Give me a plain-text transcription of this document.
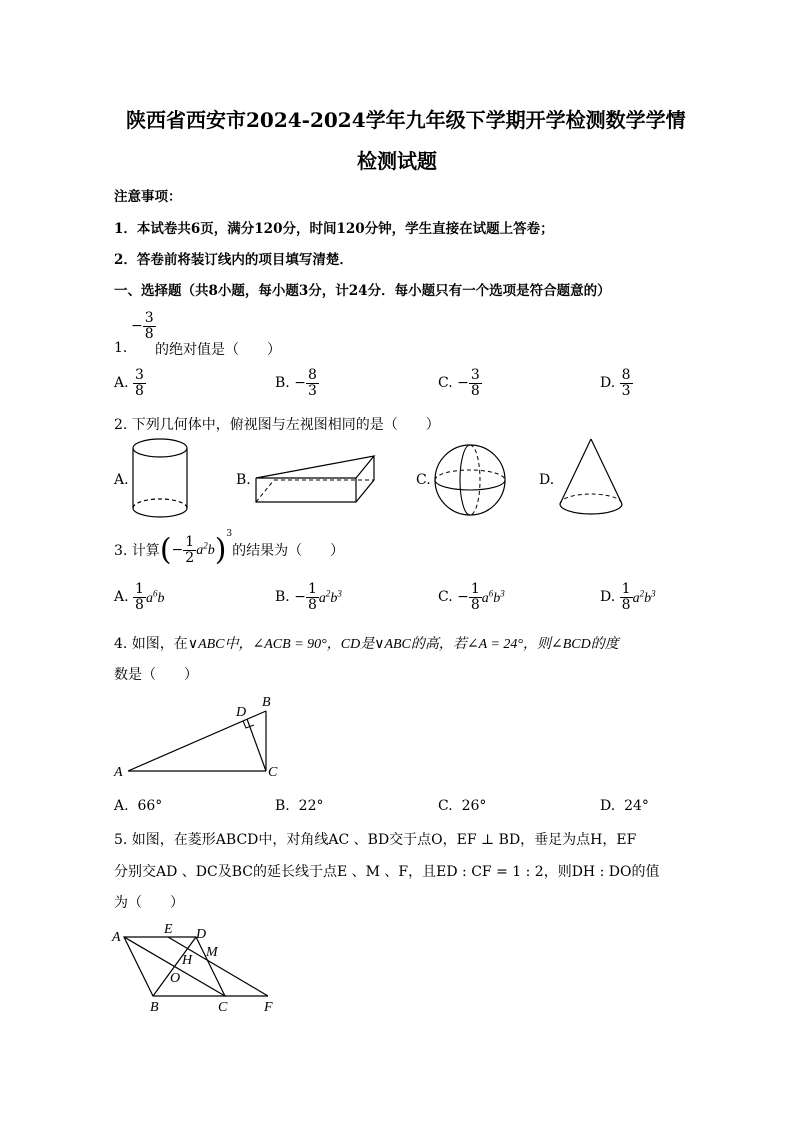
陕西省西安市2024-2024学年九年级下学期开学检测数学学情
检测试题
注意事项：
1．本试卷共6页，满分120分，时间120分钟，学生直接在试题上答卷；
2．答卷前将装订线内的项目填写清楚．
一、选择题（共8小题，每小题3分，计24分．每小题只有一个选项是符合题意的）
1.
− $\frac{3}{8}$
的绝对值是（　　）
A. $\frac{3}{8}$	B. − $\frac{8}{3}$	C. − $\frac{3}{8}$	D. $\frac{8}{3}$
2. 下列几何体中，俯视图与左视图相同的是（　　）
A.	B.	C.	D.
3. 计算(− $\frac{1}{2} a^2b)^3$的结果为（　　）
A. $\frac{1}{8} a^6b$	B. − $\frac{1}{8} a^2b^3$	C. − $\frac{1}{8} a^6b^3$	D. $\frac{1}{8} a^2b^3$
4. 如图，在∨ABC中，∠ACB = 90°，CD是∨ABC的高，若∠A = 24°，则∠BCD的度
数是（　　）
A
D
B
C
A. 66°	B. 22°	C. 26°	D. 24°
5. 如图，在菱形ABCD中，对角线AC 、BD交于点O，EF ⊥ BD，垂足为点H，EF
分别交AD 、DC及BC的延长线于点E 、M 、F，且ED : CF = 1 : 2，则DH : DO的值
为（　　）
A
E D
M
H
O
B	C	F
